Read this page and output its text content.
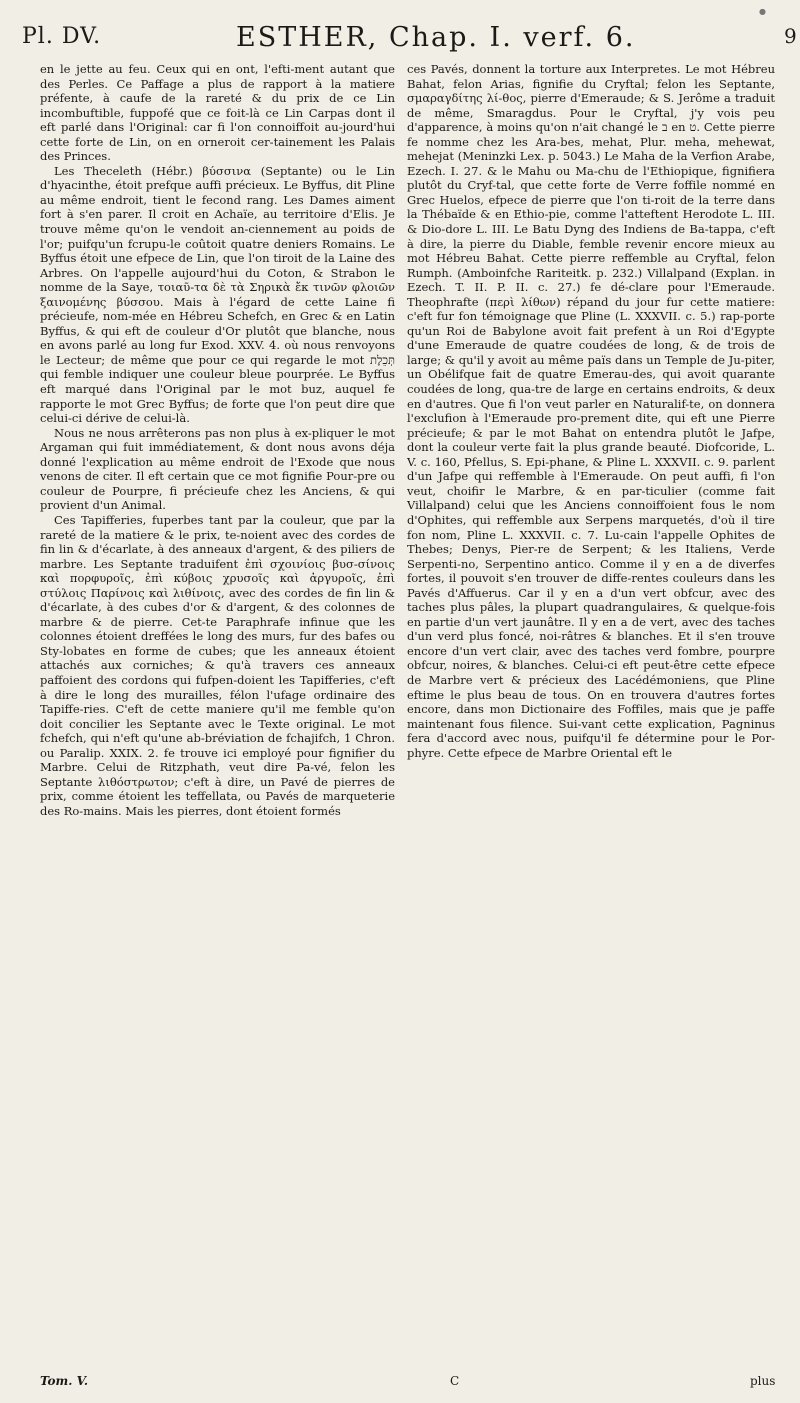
●
Pl. DV.	ESTHER, Chap. I. verf. 6.	9

en le jette au feu. Ceux qui en ont, l'efti-ment autant que des Perles. Ce Paffage a plus de rapport à la matiere préfente, à caufe de la rareté & du prix de ce Lin incombuftible, fuppofé que ce foit-là ce Lin Carpas dont il eft parlé dans l'Original: car fi l'on connoiffoit au-jourd'hui cette forte de Lin, on en orneroit cer-tainement les Palais des Princes.

Les Theceleth (Hébr.) βύσσινα (Septante) ou le Lin d'hyacinthe, étoit prefque auffi précieux. Le Byffus, dit Pline au même endroit, tient le fecond rang. Les Dames aiment fort à s'en parer. Il croit en Achaïe, au territoire d'Elis. Je trouve même qu'on le vendoit an-ciennement au poids de l'or; puifqu'un fcrupu-le coûtoit quatre deniers Romains. Le Byffus étoit une efpece de Lin, que l'on tiroit de la Laine des Arbres. On l'appelle aujourd'hui du Coton, & Strabon le nomme de la Saye, τοιαῦ-τα δὲ τὰ Σηρικὰ ἔκ τινῶν φλοιῶν ξαινομένης βύσσου. Mais à l'égard de cette Laine fi précieufe, nom-mée en Hébreu Schefch, en Grec & en Latin Byffus, & qui eft de couleur d'Or plutôt que blanche, nous en avons parlé au long fur Exod. XXV. 4. où nous renvoyons le Lecteur; de même que pour ce qui regarde le mot תְּכֵלֶת qui femble indiquer une couleur bleue pourprée. Le Byffus eft marqué dans l'Original par le mot buz, auquel fe rapporte le mot Grec Byffus; de forte que l'on peut dire que celui-ci dérive de celui-là.

Nous ne nous arrêterons pas non plus à ex-pliquer le mot Argaman qui fuit immédiatement, & dont nous avons déja donné l'explication au même endroit de l'Exode que nous venons de citer. Il eft certain que ce mot fignifie Pour-pre ou couleur de Pourpre, fi précieufe chez les Anciens, & qui provient d'un Animal.

Ces Tapifferies, fuperbes tant par la couleur, que par la rareté de la matiere & le prix, te-noient avec des cordes de fin lin & d'écarlate, à des anneaux d'argent, & des piliers de marbre. Les Septante traduifent ἐπὶ σχοινίοις βυσ-σίνοις καὶ πορφυροῖς, ἐπὶ κύβοις χρυσοῖς καὶ ἀργυροῖς, ἐπὶ στύλοις Παρίνοις καὶ λιθίνοις, avec des cordes de fin lin & d'écarlate, à des cubes d'or & d'argent, & des colonnes de marbre & de pierre. Cet-te Paraphrafe infinue que les colonnes étoient dreffées le long des murs, fur des bafes ou Sty-lobates en forme de cubes; que les anneaux étoient attachés aux corniches; & qu'à travers ces anneaux paffoient des cordons qui fufpen-doient les Tapifferies, c'eft à dire le long des murailles, félon l'ufage ordinaire des Tapiffe-ries. C'eft de cette maniere qu'il me femble qu'on doit concilier les Septante avec le Texte original. Le mot fchefch, qui n'eft qu'une ab-bréviation de fchajifch, 1 Chron. ou Paralip. XXIX. 2. fe trouve ici employé pour fignifier du Marbre. Celui de Ritzphath, veut dire Pa-vé, felon les Septante λιθόστρωτον; c'eft à dire, un Pavé de pierres de prix, comme étoient les teffellata, ou Pavés de marqueterie des Ro-mains. Mais les pierres, dont étoient formés

ces Pavés, donnent la torture aux Interpretes. Le mot Hébreu Bahat, felon Arias, fignifie du Cryftal; felon les Septante, σμαραγδίτης λί-θος, pierre d'Emeraude; & S. Jerôme a traduit de même, Smaragdus. Pour le Cryftal, j'y vois peu d'apparence, à moins qu'on n'ait changé le ב en ט. Cette pierre fe nomme chez les Ara-bes, mehat, Plur. meha, mehewat, mehejat (Meninzki Lex. p. 5043.) Le Maha de la Verfion Arabe, Ezech. I. 27. & le Mahu ou Ma-chu de l'Ethiopique, fignifiera plutôt du Cryf-tal, que cette forte de Verre foffile nommé en Grec Huelos, efpece de pierre que l'on ti-roit de la terre dans la Thébaïde & en Ethio-pie, comme l'atteftent Herodote L. III. & Dio-dore L. III. Le Batu Dyng des Indiens de Ba-tappa, c'eft à dire, la pierre du Diable, femble revenir encore mieux au mot Hébreu Bahat. Cette pierre reffemble au Cryftal, felon Rumph. (Amboinfche Rariteitk. p. 232.) Villalpand (Explan. in Ezech. T. II. P. II. c. 27.) fe dé-clare pour l'Emeraude. Theophrafte (περὶ λίθων) répand du jour fur cette matiere: c'eft fur fon témoignage que Pline (L. XXXVII. c. 5.) rap-porte qu'un Roi de Babylone avoit fait prefent à un Roi d'Egypte d'une Emeraude de quatre coudées de long, & de trois de large; & qu'il y avoit au même païs dans un Temple de Ju-piter, un Obélifque fait de quatre Emerau-des, qui avoit quarante coudées de long, qua-tre de large en certains endroits, & deux en d'autres. Que fi l'on veut parler en Naturalif-te, on donnera l'exclufion à l'Emeraude pro-prement dite, qui eft une Pierre précieufe; & par le mot Bahat on entendra plutôt le Jafpe, dont la couleur verte fait la plus grande beauté. Diofcoride, L. V. c. 160, Pfellus, S. Epi-phane, & Pline L. XXXVII. c. 9. parlent d'un Jafpe qui reffemble à l'Emeraude. On peut auffi, fi l'on veut, choifir le Marbre, & en par-ticulier (comme fait Villalpand) celui que les Anciens connoiffoient fous le nom d'Ophites, qui reffemble aux Serpens marquetés, d'où il tire fon nom, Pline L. XXXVII. c. 7. Lu-cain l'appelle Ophites de Thebes; Denys, Pier-re de Serpent; & les Italiens, Verde Serpenti-no, Serpentino antico. Comme il y en a de diverfes fortes, il pouvoit s'en trouver de diffe-rentes couleurs dans les Pavés d'Affuerus. Car il y en a d'un vert obfcur, avec des taches plus pâles, la plupart quadrangulaires, & quelque-fois en partie d'un vert jaunâtre. Il y en a de vert, avec des taches d'un verd plus foncé, noi-râtres & blanches. Et il s'en trouve encore d'un vert clair, avec des taches verd fombre, pourpre obfcur, noires, & blanches. Celui-ci eft peut-être cette efpece de Marbre vert & précieux des Lacédémoniens, que Pline eftime le plus beau de tous. On en trouvera d'autres fortes encore, dans mon Dictionaire des Foffiles, mais que je paffe maintenant fous filence. Sui-vant cette explication, Pagninus fera d'accord avec nous, puifqu'il fe détermine pour le Por-phyre. Cette efpece de Marbre Oriental eft le

Tom. V.	C	plus
